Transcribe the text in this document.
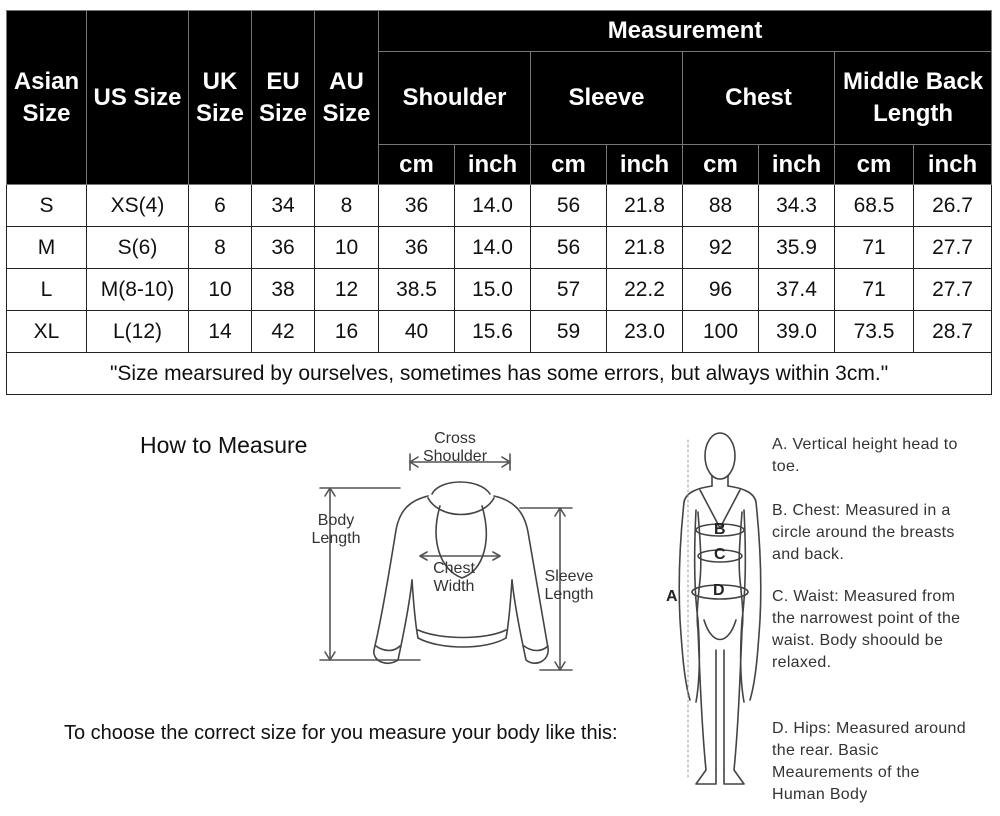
Asian Size	US Size	UK Size	EU Size	AU Size	Measurement							
					Shoulder		Sleeve		Chest		Middle Back Length	
					cm	inch	cm	inch	cm	inch	cm	inch
S	XS(4)	6	34	8	36	14.0	56	21.8	88	34.3	68.5	26.7
M	S(6)	8	36	10	36	14.0	56	21.8	92	35.9	71	27.7
L	M(8-10)	10	38	12	38.5	15.0	57	22.2	96	37.4	71	27.7
XL	L(12)	14	42	16	40	15.6	59	23.0	100	39.0	73.5	28.7
"Size mearsured by ourselves, sometimes has some errors, but always within 3cm."												
How to Measure	Cross Shoulder
Body Length
Chest Width
Sleeve Length	A
B
C
D
A. Vertical height head to toe.
B. Chest: Measured in a circle around the breasts and back.
C. Waist: Measured from the narrowest point of the waist. Body shoould be relaxed.
D. Hips: Measured around the rear. Basic Meaurements of the Human Body
To choose the correct size for you measure your body like this:
